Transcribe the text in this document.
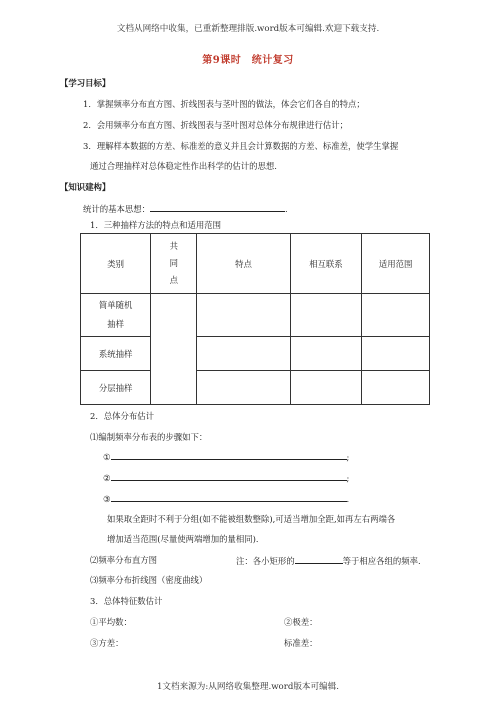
文档从网络中收集，已重新整理排版.word版本可编辑.欢迎下载支持.
第9课时　统计复习
【学习目标】
1．掌握频率分布直方图、折线图表与茎叶图的做法，体会它们各自的特点；
2．会用频率分布直方图、折线图表与茎叶图对总体分布规律进行估计；
3．理解样本数据的方差、标准差的意义并且会计算数据的方差、标准差，使学生掌握
通过合理抽样对总体稳定性作出科学的估计的思想.
【知识建构】
统计的基本思想：	.
1．三种抽样方法的特点和适用范围
类别	共同点	特点	相互联系	适用范围
简单随机抽样				
系统抽样				
分层抽样				
2．总体分布估计
⑴编制频率分布表的步骤如下：
①	;
②	;
③	.
如果取全距时不利于分组(如不能被组数整除),可适当增加全距,如再左右两端各
增加适当范围(尽量使两端增加的量相同)．
⑵频率分布直方图	注：各小矩形的	等于相应各组的频率.
⑶频率分布折线图（密度曲线）
3．总体特征数估计
①平均数：	②极差：
③方差：	标准差：
1文档来源为:从网络收集整理.word版本可编辑.
